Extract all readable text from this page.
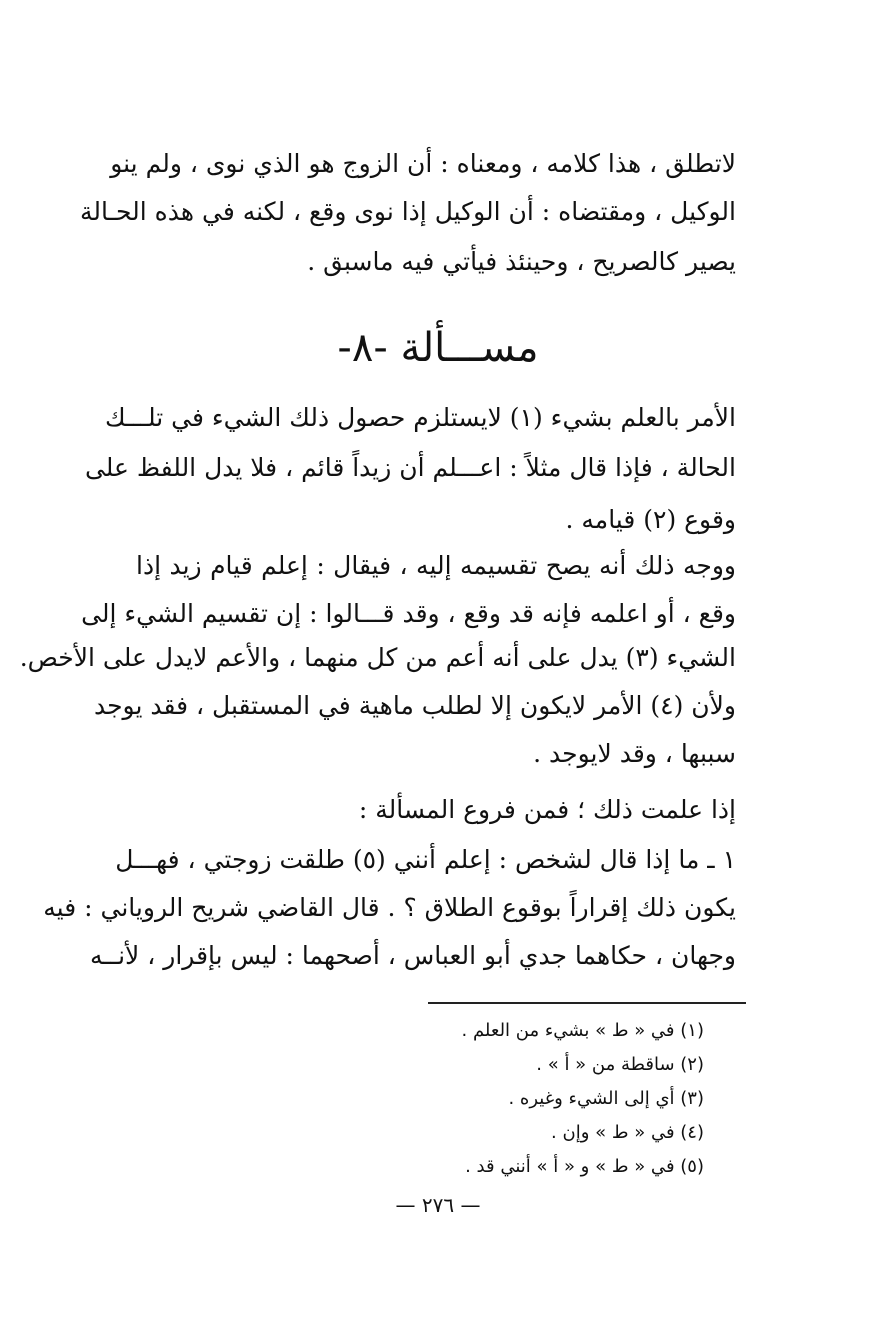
لاتطلق ، هذا كلامه ، ومعناه : أن الزوج هو الذي نوى ، ولم ينو
الوكيل ، ومقتضاه : أن الوكيل إذا نوى وقع ، لكنه في هذه الحـالة
يصير كالصريح ، وحينئذ فيأتي فيه ماسبق .
مســـألة -٨-
الأمر بالعلم بشيء (١) لايستلزم حصول ذلك الشيء في تلـــك
الحالة ، فإذا قال مثلاً : اعـــلم أن زيداً قائم ، فلا يدل اللفظ على
وقوع (٢) قيامه .
ووجه ذلك أنه يصح تقسيمه إليه ، فيقال : إعلم قيام زيد إذا
وقع ، أو اعلمه فإنه قد وقع ، وقد قـــالوا : إن تقسيم الشيء إلى
الشيء (٣) يدل على أنه أعم من كل منهما ، والأعم لايدل على الأخص.
ولأن (٤) الأمر لايكون إلا لطلب ماهية في المستقبل ، فقد يوجد
سببها ، وقد لايوجد .
إذا علمت ذلك ؛ فمن فروع المسألة :
١ ـ ما إذا قال لشخص : إعلم أنني (٥) طلقت زوجتي ، فهـــل
يكون ذلك إقراراً بوقوع الطلاق ؟ . قال القاضي شريح الروياني : فيه
وجهان ، حكاهما جدي أبو العباس ، أصحهما : ليس بإقرار ، لأنــه
(١) في « ط » بشيء من العلم .
(٢) ساقطة من « أ » .
(٣) أي إلى الشيء وغيره .
(٤) في « ط » وإن .
(٥) في « ط » و « أ » أنني قد .
— ٢٧٦ —
